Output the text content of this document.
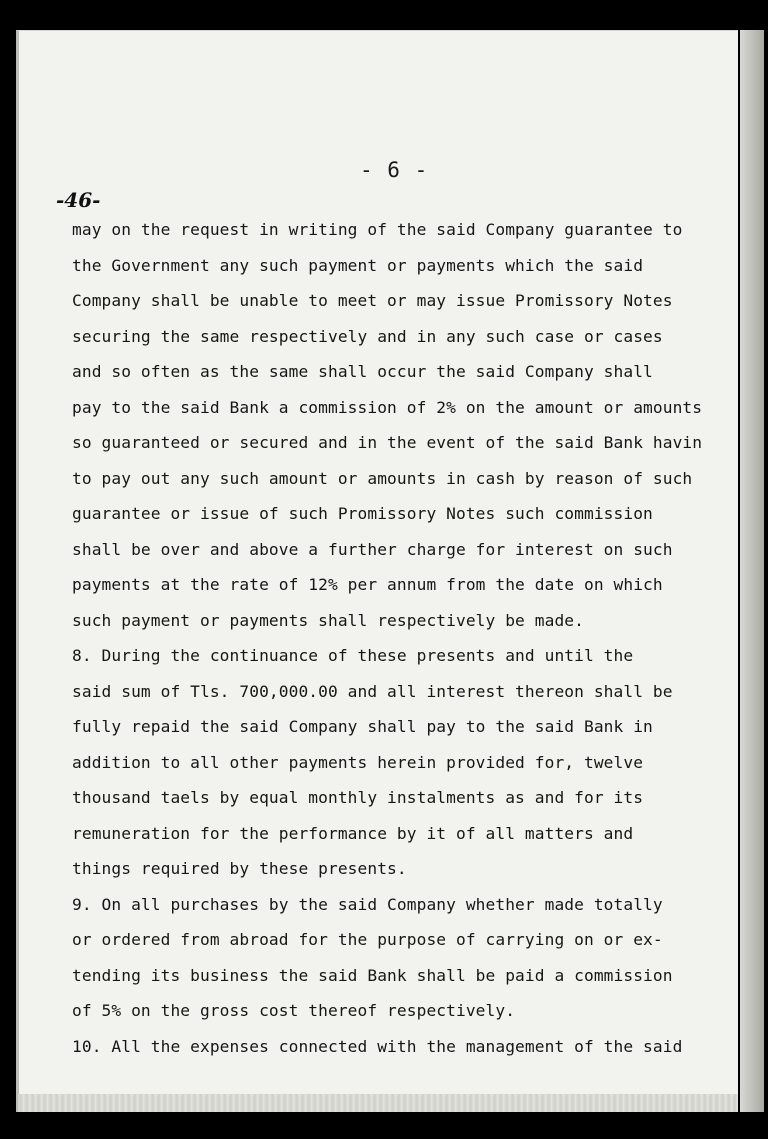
- 6 -
-46-
may on the request in writing of the said Company guarantee to
the Government any such payment or payments which the said
Company shall be unable to meet or may issue Promissory Notes
securing the same respectively and in any such case or cases
and so often as the same shall occur the said Company shall
pay to the said Bank a commission of 2% on the amount or amounts
so guaranteed or secured and in the event of the said Bank havin
to pay out any such amount or amounts in cash by reason of such
guarantee or issue of such Promissory Notes such commission
shall be over and above a further charge for interest on such
payments at the rate of 12% per annum from the date on which
such payment or payments shall respectively be made.
8. During the continuance of these presents and until the
said sum of Tls. 700,000.00 and all interest thereon shall be
fully repaid the said Company shall pay to the said Bank in
addition to all other payments herein provided for, twelve
thousand taels by equal monthly instalments as and for its
remuneration for the performance by it of all matters and
things required by these presents.
9. On all purchases by the said Company whether made totally
or ordered from abroad for the purpose of carrying on or ex-
tending its business the said Bank shall be paid a commission
of 5% on the gross cost thereof respectively.
10. All the expenses connected with the management of the said
